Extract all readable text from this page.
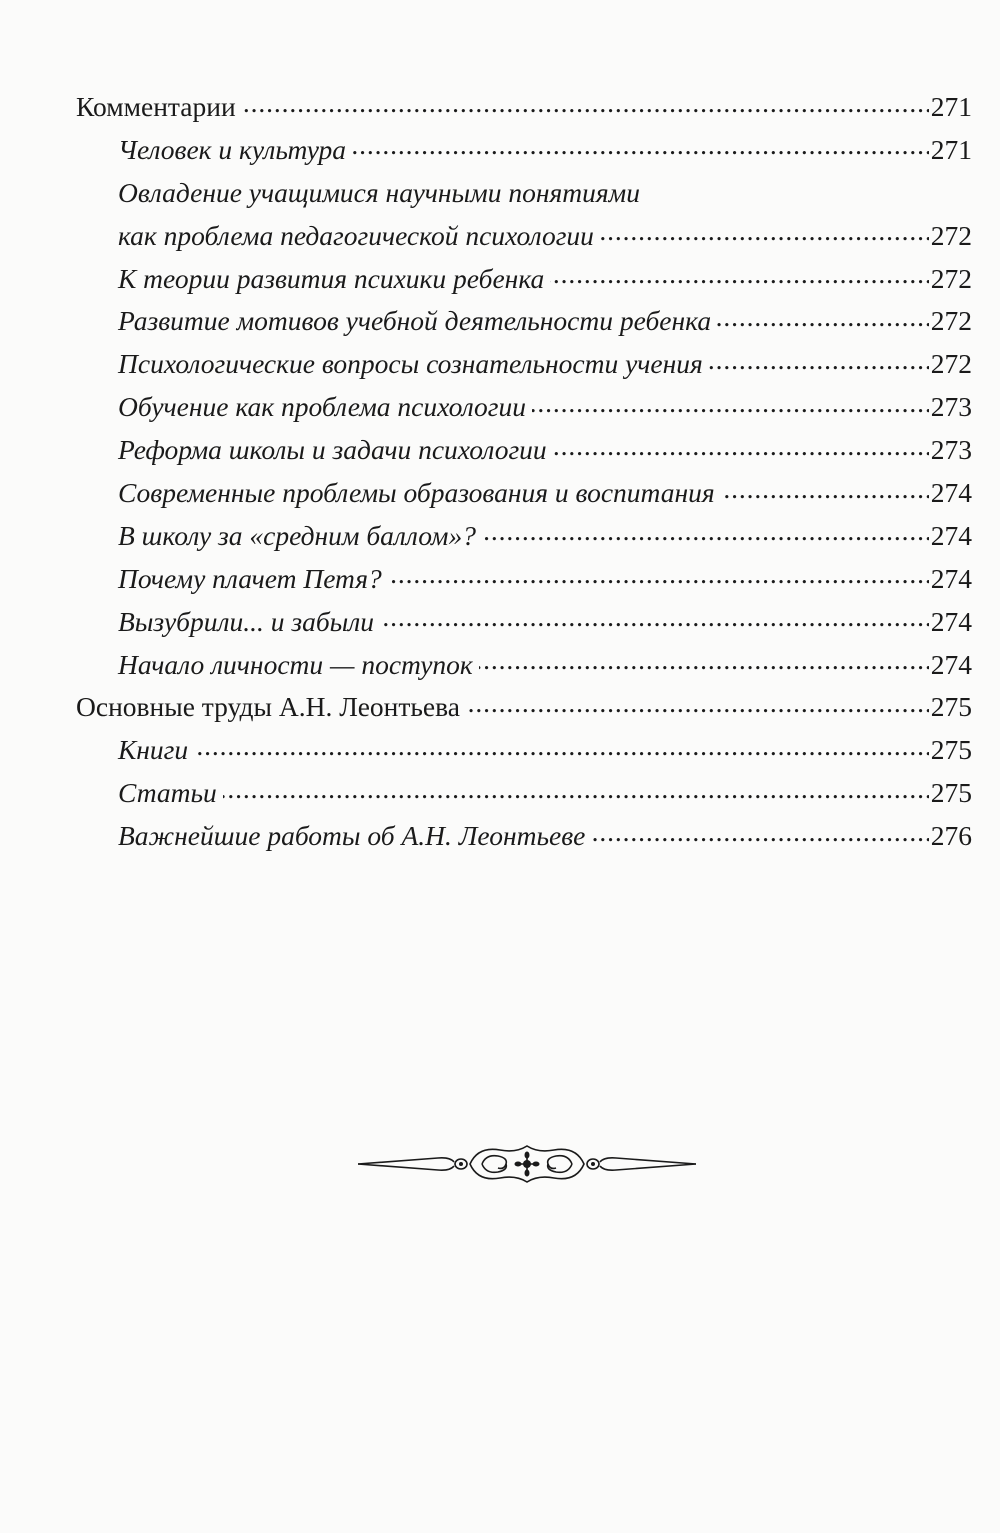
Комментарии . . .	271
Человек и культура . . .	271
Овладение учащимися научными понятиями
как проблема педагогической психологии . . .	272
К теории развития психики ребенка . . .	272
Развитие мотивов учебной деятельности ребенка . . .	272
Психологические вопросы сознательности учения . . .	272
Обучение как проблема психологии . . .	273
Реформа школы и задачи психологии . . .	273
Современные проблемы образования и воспитания . . .	274
В школу за «средним баллом»? . . .	274
Почему плачет Петя? . . .	274
Вызубрили... и забыли . . .	274
Начало личности — поступок . . .	274
Основные труды А.Н. Леонтьева . . .	275
Книги . . .	275
Статьи . . .	275
Важнейшие работы об А.Н. Леонтьеве . . .	276
